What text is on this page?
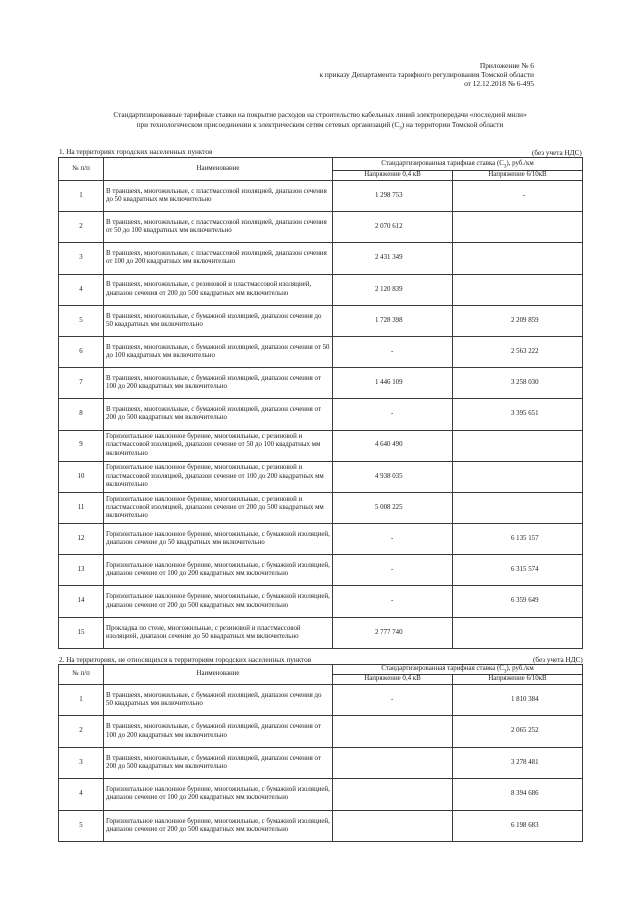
Приложение № 6
к приказу Департамента тарифного регулирования Томской области
от 12.12.2018 № 6-495
Стандартизированные тарифные ставки на покрытие расходов на строительство кабельных линий электропередачи «последней мили»
при технологическом присоединении к электрическим сетям сетевых организаций $(С_3)$ на территории Томской области
1. На территориях городских населенных пунктов	(без учета НДС)
№ п/п	Наименование	Стандартизированная тарифная ставка $(С_3)$, руб./км	
		Напряжение 0,4 кВ	Напряжение 6/10кВ
1	В траншеях, многожильные, с пластмассовой изоляцией, диапазон сечения до 50 квадратных мм включительно	1 298 753	-
2	В траншеях, многожильные, с пластмассовой изоляцией, диапазон сечения от 50 до 100 квадратных мм включительно	2 070 612	
3	В траншеях, многожильные, с пластмассовой изоляцией, диапазон сечения от 100 до 200 квадратных мм включительно	2 431 349	
4	В траншеях, многожильные, с резиновой и пластмассовой изоляцией, диапазон сечения от 200 до 500 квадратных мм включительно	2 120 839	
5	В траншеях, многожильные, с бумажной изоляцией, диапазон сечения до 50 квадратных мм включительно	1 728 398	2 209 859
6	В траншеях, многожильные, с бумажной изоляцией, диапазон сечения от 50 до 100 квадратных мм включительно	-	2 563 222
7	В траншеях, многожильные, с бумажной изоляцией, диапазон сечения от 100 до 200 квадратных мм включительно	1 446 109	3 258 030
8	В траншеях, многожильные, с бумажной изоляцией, диапазон сечения от 200 до 500 квадратных мм включительно	-	3 395 651
9	Горизонтальное наклонное бурение, многожильные, с резиновой и пластмассовой изоляцией, диапазон сечение от 50 до 100 квадратных мм включительно	4 640 490	
10	Горизонтальное наклонное бурение, многожильные, с резиновой и пластмассовой изоляцией, диапазон сечение от 100 до 200 квадратных мм включительно	4 938 035	
11	Горизонтальное наклонное бурение, многожильные, с резиновой и пластмассовой изоляцией, диапазон сечение от 200 до 500 квадратных мм включительно	5 008 225	
12	Горизонтальное наклонное бурение, многожильные, с бумажной изоляцией, диапазон сечение до 50 квадратных мм включительно	-	6 135 157
13	Горизонтальное наклонное бурение, многожильные, с бумажной изоляцией, диапазон сечение от 100 до 200 квадратных мм включительно	-	6 315 574
14	Горизонтальное наклонное бурение, многожильные, с бумажной изоляцией, диапазон сечение от 200 до 500 квадратных мм включительно	-	6 359 649
15	Прокладка по стене, многожильные, с резиновой и пластмассовой изоляцией, диапазон сечение до 50 квадратных мм включительно	2 777 740	
2. На территориях, не относящихся к территориям городских населенных пунктов	(без учета НДС)
№ п/п	Наименование	Стандартизированная тарифная ставка $(С_3)$, руб./км	
		Напряжение 0,4 кВ	Напряжение 6/10кВ
1	В траншеях, многожильные, с бумажной изоляцией, диапазон сечения до 50 квадратных мм включительно	-	1 810 384
2	В траншеях, многожильные, с бумажной изоляцией, диапазон сечения от 100 до 200 квадратных мм включительно		2 065 252
3	В траншеях, многожильные, с бумажной изоляцией, диапазон сечения от 200 до 500 квадратных мм включительно		3 278 481
4	Горизонтальное наклонное бурение, многожильные, с бумажной изоляцией, диапазон сечение от 100 до 200 квадратных мм включительно		8 394 686
5	Горизонтальное наклонное бурение, многожильные, с бумажной изоляцией, диапазон сечение от 200 до 500 квадратных мм включительно		6 198 683
